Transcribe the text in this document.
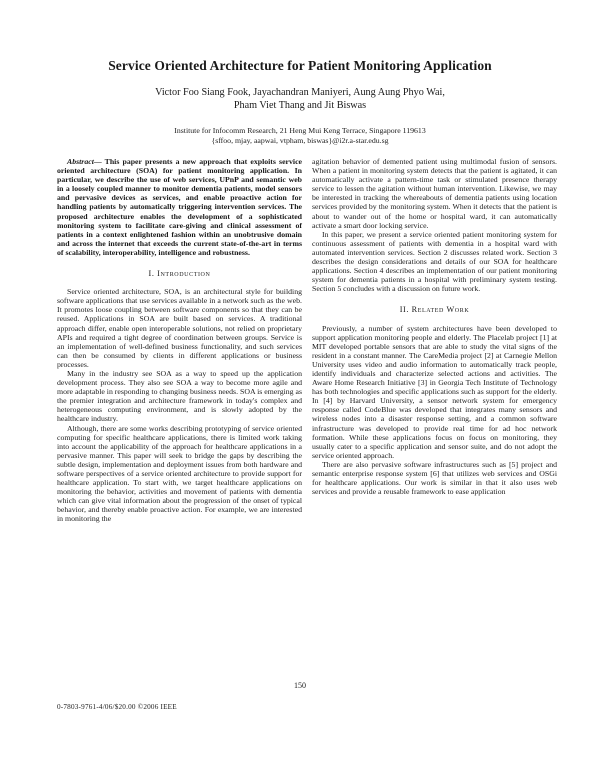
Service Oriented Architecture for Patient Monitoring Application
Victor Foo Siang Fook, Jayachandran Maniyeri, Aung Aung Phyo Wai,
Pham Viet Thang and Jit Biswas
Institute for Infocomm Research, 21 Heng Mui Keng Terrace, Singapore 119613
{sffoo, mjay, aapwai, vtpham, biswas}@i2r.a-star.edu.sg

Abstract— This paper presents a new approach that exploits service oriented architecture (SOA) for patient monitoring application. In particular, we describe the use of web services, UPnP and semantic web in a loosely coupled manner to monitor dementia patients, model sensors and pervasive devices as services, and enable proactive action for handling patients by automatically triggering intervention services. The proposed architecture enables the development of a sophisticated monitoring system to facilitate care-giving and clinical assessment of patients in a context enlightened fashion within an unobtrusive domain and across the internet that exceeds the current state-of-the-art in terms of scalability, interoperability, intelligence and robustness.

I. Introduction

Service oriented architecture, SOA, is an architectural style for building software applications that use services available in a network such as the web. It promotes loose coupling between software components so that they can be reused. Applications in SOA are built based on services. A traditional approach differ, enable open interoperable solutions, not relied on proprietary APIs and required a tight degree of coordination between groups. Service is an implementation of well-defined business functionality, and such services can then be consumed by clients in different applications or business processes.

Many in the industry see SOA as a way to speed up the application development process. They also see SOA a way to become more agile and more adaptable in responding to changing business needs. SOA is emerging as the premier integration and architecture framework in today's complex and heterogeneous computing environment, and is slowly adopted by the healthcare industry.

Although, there are some works describing prototyping of service oriented computing for specific healthcare applications, there is limited work taking into account the applicability of the approach for healthcare applications in a pervasive manner. This paper will seek to bridge the gaps by describing the subtle design, implementation and deployment issues from both hardware and software perspectives of a service oriented architecture to provide support for healthcare application. To start with, we target healthcare applications on monitoring the behavior, activities and movement of patients with dementia which can give vital information about the progression of the onset of typical behavior, and thereby enable proactive action. For example, we are interested in monitoring the

agitation behavior of demented patient using multimodal fusion of sensors. When a patient in monitoring system detects that the patient is agitated, it can automatically activate a pattern-time task or stimulated presence therapy service to lessen the agitation without human intervention. Likewise, we may be interested in tracking the whereabouts of dementia patients using location services provided by the monitoring system. When it detects that the patient is about to wander out of the home or hospital ward, it can automatically activate a smart door locking service.

In this paper, we present a service oriented patient monitoring system for continuous assessment of patients with dementia in a hospital ward with automated intervention services. Section 2 discusses related work. Section 3 describes the design considerations and details of our SOA for healthcare applications. Section 4 describes an implementation of our patient monitoring system for dementia patients in a hospital with preliminary system testing. Section 5 concludes with a discussion on future work.

II. Related Work

Previously, a number of system architectures have been developed to support application monitoring people and elderly. The Placelab project [1] at MIT developed portable sensors that are able to study the vital signs of the resident in a constant manner. The CareMedia project [2] at Carnegie Mellon University uses video and audio information to automatically track people, identify individuals and characterize selected actions and activities. The Aware Home Research Initiative [3] in Georgia Tech Institute of Technology has both technologies and specific applications such as support for the elderly. In [4] by Harvard University, a sensor network system for emergency response called CodeBlue was developed that integrates many sensors and wireless nodes into a disaster response setting, and a common software infrastructure was developed to provide real time for ad hoc network formation. While these applications focus on focus on monitoring, they usually cater to a specific application and sensor suite, and do not adopt the service oriented approach.

There are also pervasive software infrastructures such as [5] project and semantic enterprise response system [6] that utilizes web services and OSGi for healthcare applications. Our work is similar in that it also uses web services and provide a reusable framework to ease application

150
0-7803-9761-4/06/$20.00 ©2006 IEEE
